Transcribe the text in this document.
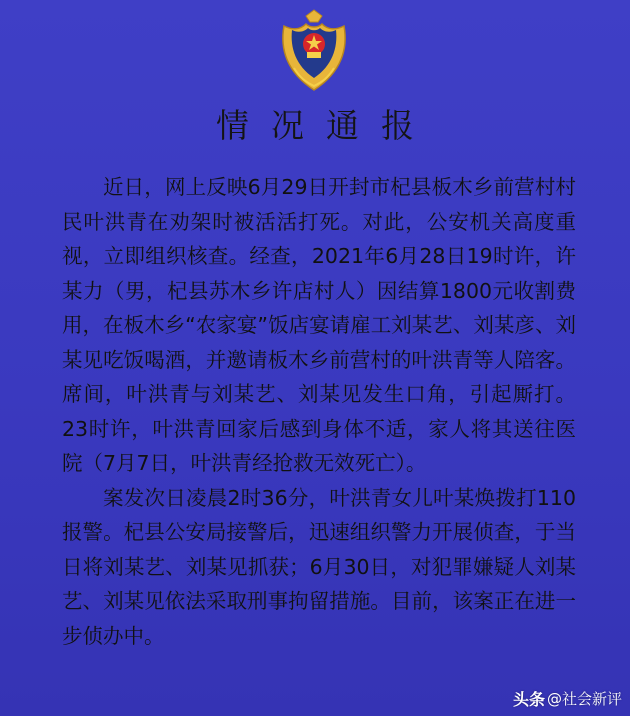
情况通报

近日，网上反映6月29日开封市杞县板木乡前营村村民叶洪青在劝架时被活活打死。对此，公安机关高度重视，立即组织核查。经查，2021年6月28日19时许，许某力（男，杞县苏木乡许店村人）因结算1800元收割费用，在板木乡“农家宴”饭店宴请雇工刘某艺、刘某彦、刘某见吃饭喝酒，并邀请板木乡前营村的叶洪青等人陪客。席间，叶洪青与刘某艺、刘某见发生口角，引起厮打。23时许，叶洪青回家后感到身体不适，家人将其送往医院（7月7日，叶洪青经抢救无效死亡）。

案发次日凌晨2时36分，叶洪青女儿叶某焕拨打110报警。杞县公安局接警后，迅速组织警力开展侦查，于当日将刘某艺、刘某见抓获；6月30日，对犯罪嫌疑人刘某艺、刘某见依法采取刑事拘留措施。目前，该案正在进一步侦办中。

头条 @社会新评
